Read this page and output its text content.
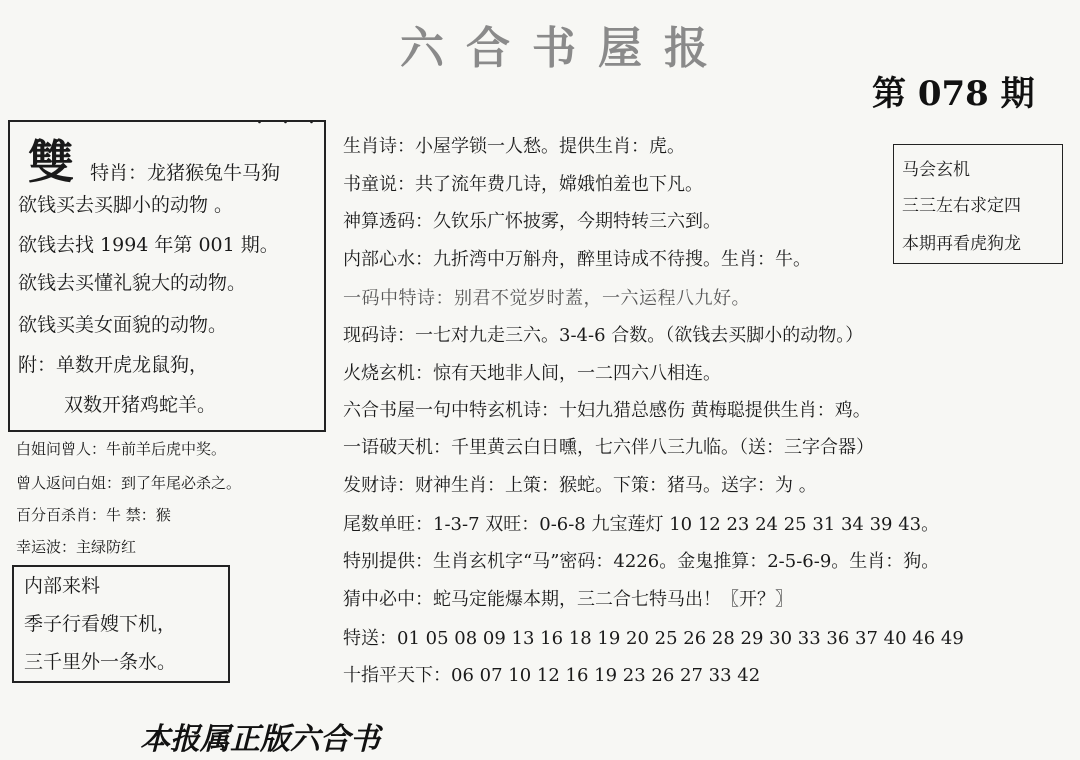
六合书屋报
第 078 期
. . .
雙 特肖：龙猪猴兔牛马狗
欲钱买去买脚小的动物 。
欲钱去找 1994 年第 001 期。
欲钱去买懂礼貌大的动物。
欲钱买美女面貌的动物。
附：单数开虎龙鼠狗，
双数开猪鸡蛇羊。
白姐问曾人：牛前羊后虎中奖。
曾人返问白姐：到了年尾必杀之。
百分百杀肖：牛 禁：猴
幸运波：主绿防红
内部来料
季子行看嫂下机，
三千里外一条水。
马会玄机
三三左右求定四
本期再看虎狗龙
生肖诗：小屋学锁一人愁。提供生肖：虎。
书童说：共了流年费几诗，嫦娥怕羞也下凡。
神算透码：久钦乐广怀披雾，今期特转三六到。
内部心水：九折湾中万斛舟，醉里诗成不待搜。生肖：牛。
一码中特诗：别君不觉岁时蓋，一六运程八九好。
现码诗：一七对九走三六。3-4-6 合数。（欲钱去买脚小的动物。）
火烧玄机：惊有天地非人间，一二四六八相连。
六合书屋一句中特玄机诗：十妇九猎总感伤 黄梅聪提供生肖：鸡。
一语破天机：千里黄云白日曛，七六伴八三九临。（送：三字合器）
发财诗：财神生肖：上策：猴蛇。下策：猪马。送字：为 。
尾数单旺：1-3-7 双旺：0-6-8 九宝莲灯 10 12 23 24 25 31 34 39 43。
特别提供：生肖玄机字“马”密码：4226。金鬼推算：2-5-6-9。生肖：狗。
猜中必中：蛇马定能爆本期，三二合七特马出！〖开？〗
特送：01 05 08 09 13 16 18 19 20 25 26 28 29 30 33 36 37 40 46 49
十指平天下：06 07 10 12 16 19 23 26 27 33 42
本报属正版六合书
